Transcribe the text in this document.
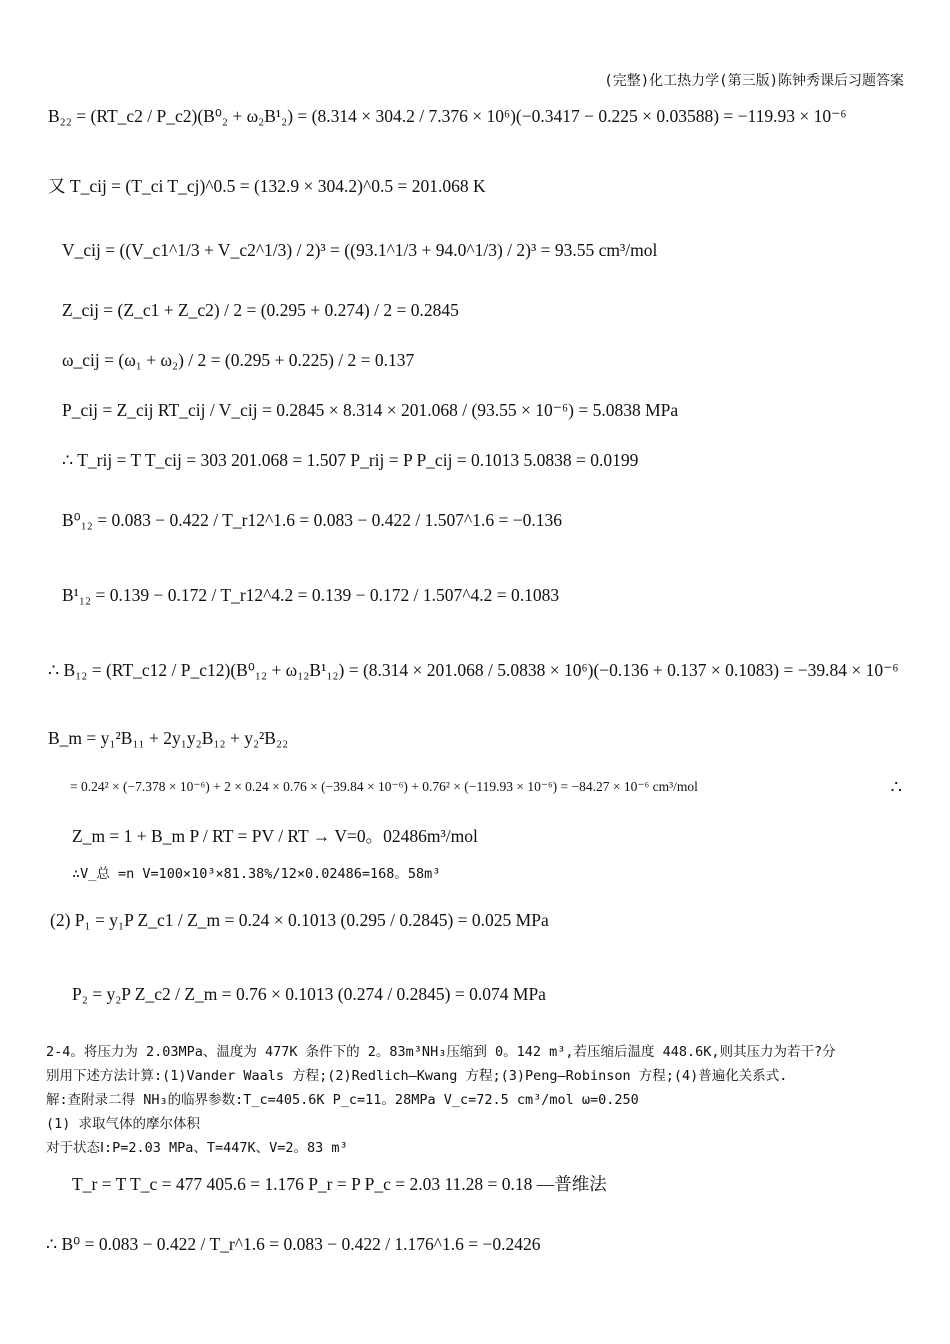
(完整)化工热力学(第三版)陈钟秀课后习题答案
B₂₂ = (RT_c2 / P_c2)(B⁰₂ + ω₂B¹₂) = (8.314 × 304.2 / 7.376 × 10⁶)(−0.3417 − 0.225 × 0.03588) = −119.93 × 10⁻⁶
又 T_cij = (T_ci T_cj)^0.5 = (132.9 × 304.2)^0.5 = 201.068 K
V_cij = ((V_c1^1/3 + V_c2^1/3) / 2)³ = ((93.1^1/3 + 94.0^1/3) / 2)³ = 93.55 cm³/mol
Z_cij = (Z_c1 + Z_c2) / 2 = (0.295 + 0.274) / 2 = 0.2845
ω_cij = (ω₁ + ω₂) / 2 = (0.295 + 0.225) / 2 = 0.137
P_cij = Z_cij RT_cij / V_cij = 0.2845 × 8.314 × 201.068 / (93.55 × 10⁻⁶) = 5.0838 MPa
∴ T_rij = T T_cij = 303 201.068 = 1.507 P_rij = P P_cij = 0.1013 5.0838 = 0.0199
B⁰₁₂ = 0.083 − 0.422 / T_r12^1.6 = 0.083 − 0.422 / 1.507^1.6 = −0.136
B¹₁₂ = 0.139 − 0.172 / T_r12^4.2 = 0.139 − 0.172 / 1.507^4.2 = 0.1083
∴ B₁₂ = (RT_c12 / P_c12)(B⁰₁₂ + ω₁₂B¹₁₂) = (8.314 × 201.068 / 5.0838 × 10⁶)(−0.136 + 0.137 × 0.1083) = −39.84 × 10⁻⁶
B_m = y₁²B₁₁ + 2y₁y₂B₁₂ + y₂²B₂₂
= 0.24² × (−7.378 × 10⁻⁶) + 2 × 0.24 × 0.76 × (−39.84 × 10⁻⁶) + 0.76² × (−119.93 × 10⁻⁶) = −84.27 × 10⁻⁶ cm³/mol	∴
Z_m = 1 + B_m P / RT = PV / RT → V=0。02486m³/mol
∴V_总 =n V=100×10³×81.38%/12×0.02486=168。58m³
(2) P₁ = y₁P Z_c1 / Z_m = 0.24 × 0.1013 (0.295 / 0.2845) = 0.025 MPa
P₂ = y₂P Z_c2 / Z_m = 0.76 × 0.1013 (0.274 / 0.2845) = 0.074 MPa
2-4。将压力为 2.03MPa、温度为 477K 条件下的 2。83m³NH₃压缩到 0。142 m³,若压缩后温度 448.6K,则其压力为若干?分
别用下述方法计算:(1)Vander Waals 方程;(2)Redlich—Kwang 方程;(3)Peng—Robinson 方程;(4)普遍化关系式.
解:查附录二得 NH₃的临界参数:T_c=405.6K P_c=11。28MPa V_c=72.5 cm³/mol ω=0.250
(1) 求取气体的摩尔体积
对于状态Ⅰ:P=2.03 MPa、T=447K、V=2。83 m³
T_r = T T_c = 477 405.6 = 1.176 P_r = P P_c = 2.03 11.28 = 0.18 —普维法
∴ B⁰ = 0.083 − 0.422 / T_r^1.6 = 0.083 − 0.422 / 1.176^1.6 = −0.2426
